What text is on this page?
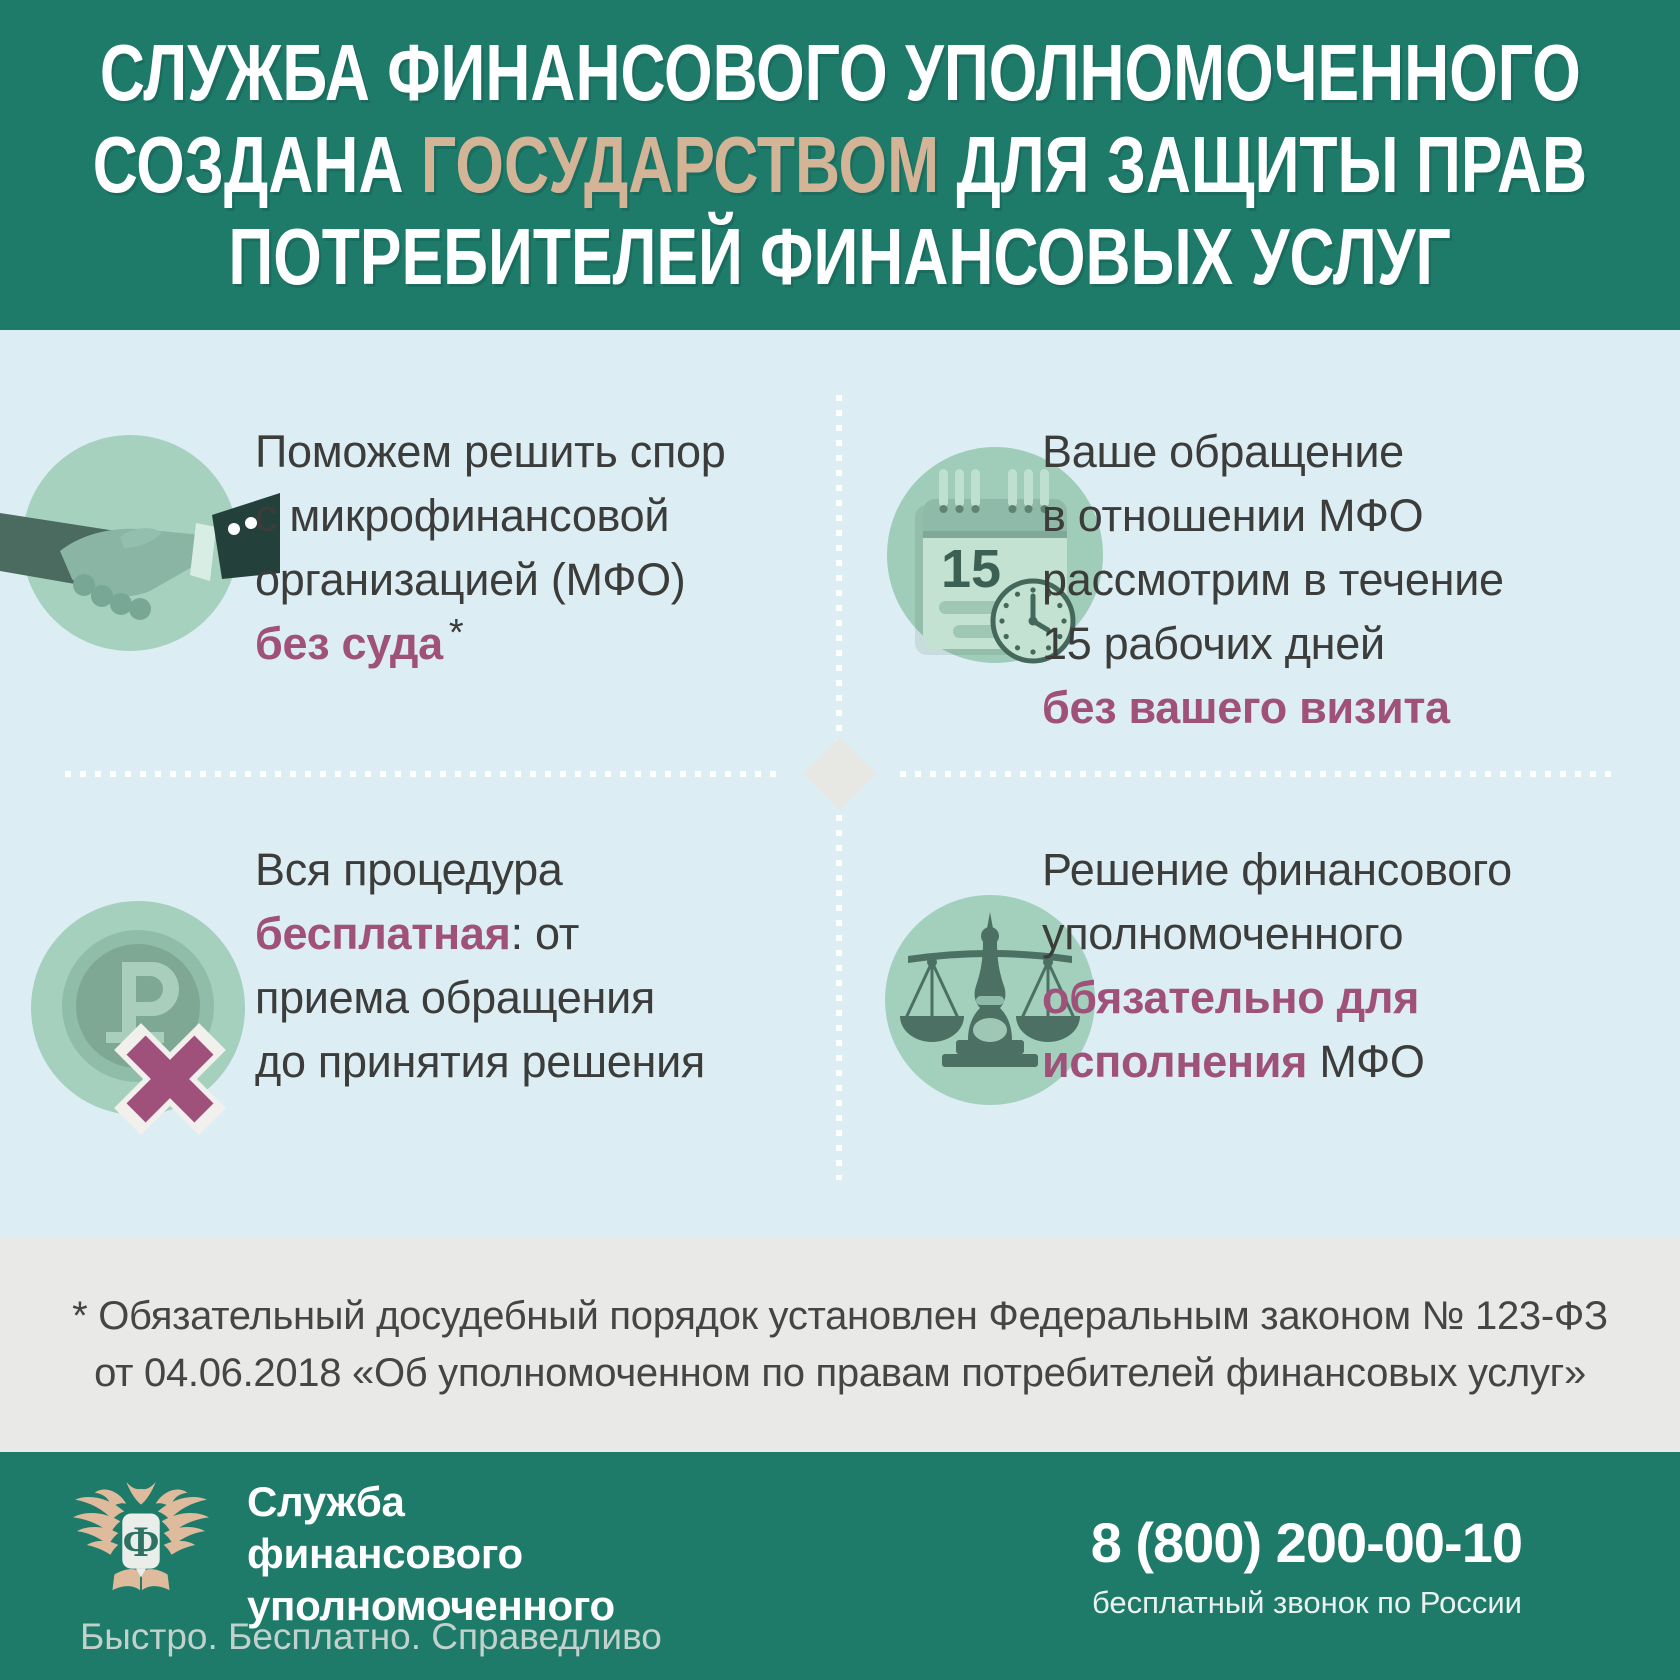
СЛУЖБА ФИНАНСОВОГО УПОЛНОМОЧЕННОГО
СОЗДАНА ГОСУДАРСТВОМ ДЛЯ ЗАЩИТЫ ПРАВ
ПОТРЕБИТЕЛЕЙ ФИНАНСОВЫХ УСЛУГ
Поможем решить спор
с микрофинансовой
организацией (МФО)
без суда *
15
Ваше обращение
в отношении МФО
рассмотрим в течение
15 рабочих дней
без вашего визита
Вся процедура
бесплатная: от
приема обращения
до принятия решения
Решение финансового
уполномоченного
обязательно для
исполнения МФО
* Обязательный досудебный порядок установлен Федеральным законом № 123-ФЗ
от 04.06.2018 «Об уполномоченном по правам потребителей финансовых услуг»
Ф
Служба
финансового
уполномоченного
Быстро. Бесплатно. Справедливо
8 (800) 200-00-10
бесплатный звонок по России
